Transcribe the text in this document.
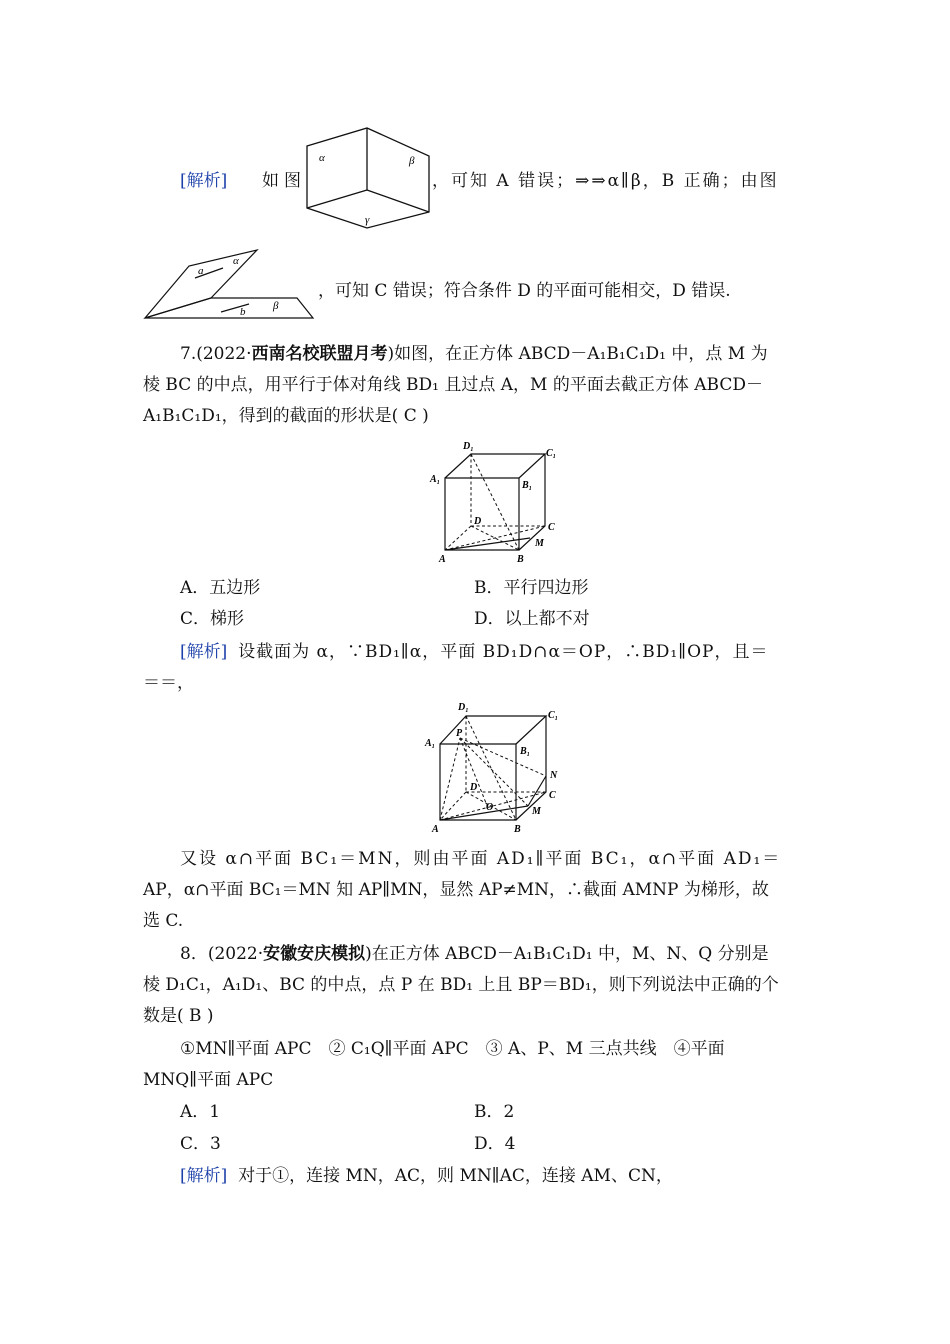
[解析] 如图
α	β
γ
，可知 A 错误；⇒⇒α∥β，B 正确；由图
a
α
b	β
，可知 C 错误；符合条件 D 的平面可能相交，D 错误.
7.(2022·西南名校联盟月考)如图，在正方体 ABCD－A₁B₁C₁D₁ 中，点 M 为
棱 BC 的中点，用平行于体对角线 BD₁ 且过点 A，M 的平面去截正方体 ABCD－
A₁B₁C₁D₁，得到的截面的形状是( C )
D₁
C₁
A₁
B₁
D
C
M
A	B
A．五边形	B．平行四边形
C．梯形	D．以上都不对
[解析] 设截面为 α，∵BD₁∥α，平面 BD₁D∩α＝OP，∴BD₁∥OP，且＝
＝＝，
D₁
C₁
A₁
P
B₁
N
D
C
O	M
A	B
又设 α∩平面 BC₁＝MN，则由平面 AD₁∥平面 BC₁，α∩平面 AD₁＝
AP，α∩平面 BC₁＝MN 知 AP∥MN，显然 AP≠MN，∴截面 AMNP 为梯形，故
选 C.
8．(2022·安徽安庆模拟)在正方体 ABCD－A₁B₁C₁D₁ 中，M、N、Q 分别是
棱 D₁C₁，A₁D₁、BC 的中点，点 P 在 BD₁ 上且 BP＝BD₁，则下列说法中正确的个
数是( B )
①MN∥平面 APC　② C₁Q∥平面 APC　③ A、P、M 三点共线　④平面
MNQ∥平面 APC
A．1	B．2
C．3	D．4
[解析] 对于①，连接 MN，AC，则 MN∥AC，连接 AM、CN，
